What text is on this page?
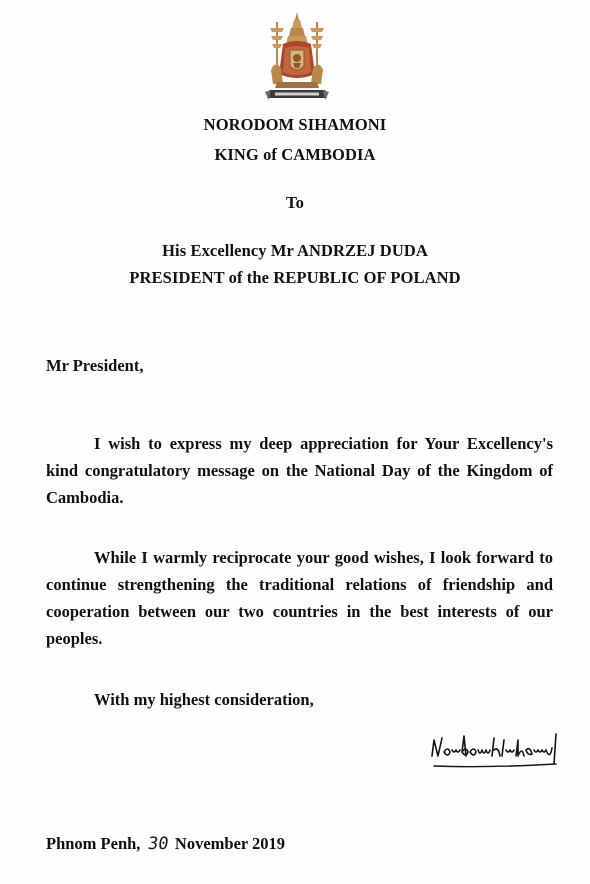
NORODOM SIHAMONI
KING of CAMBODIA
To
His Excellency Mr ANDRZEJ DUDA
PRESIDENT of the REPUBLIC OF POLAND
Mr President,

I wish to express my deep appreciation for Your Excellency's kind congratulatory message on the National Day of the Kingdom of Cambodia.

While I warmly reciprocate your good wishes, I look forward to continue strengthening the traditional relations of friendship and cooperation between our two countries in the best interests of our peoples.

With my highest consideration,
Phnom Penh, 30 November 2019
